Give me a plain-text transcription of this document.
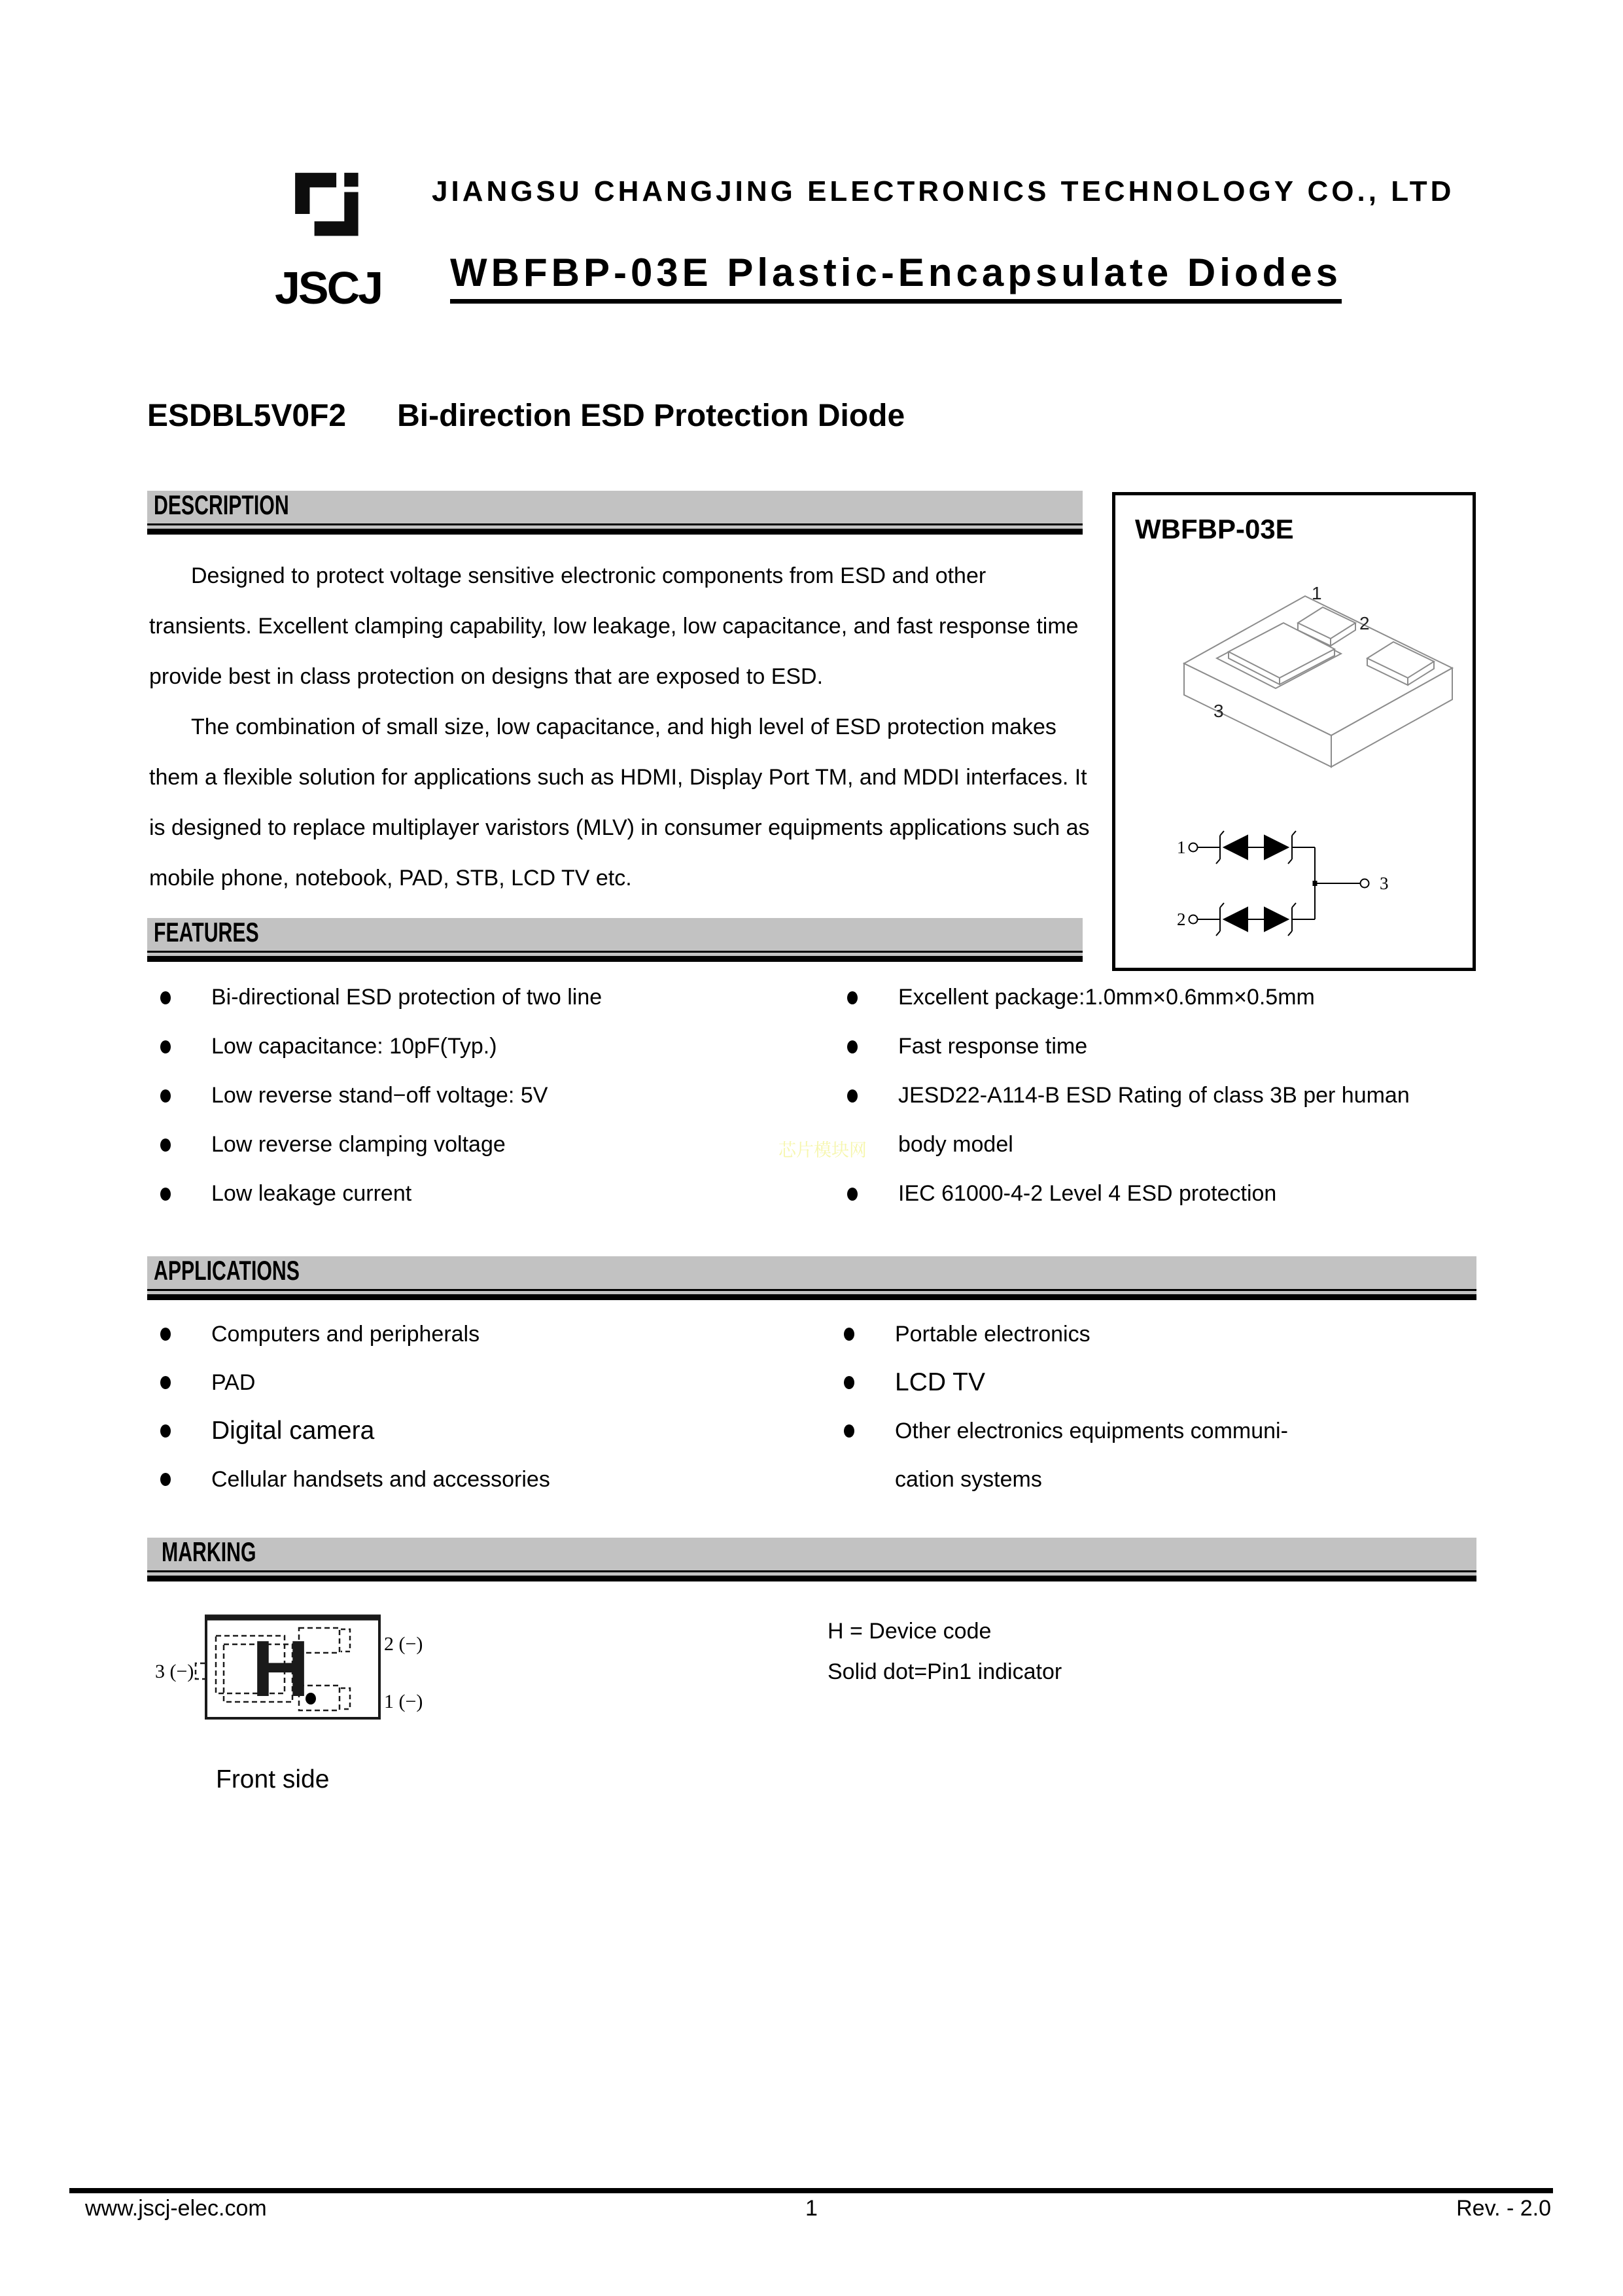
JSCJ
JIANGSU CHANGJING ELECTRONICS TECHNOLOGY CO., LTD
WBFBP-03E Plastic-Encapsulate Diodes
ESDBL5V0F2 Bi-direction ESD Protection Diode
DESCRIPTION

Designed to protect voltage sensitive electronic components from ESD and other transients. Excellent clamping capability, low leakage, low capacitance, and fast response time provide best in class protection on designs that are exposed to ESD.

The combination of small size, low capacitance, and high level of ESD protection makes them a flexible solution for applications such as HDMI, Display Port TM, and MDDI interfaces. It is designed to replace multiplayer varistors (MLV) in consumer equipments applications such as mobile phone, notebook, PAD, STB, LCD TV etc.

WBFBP-03E
1
2
3
1
2
3
FEATURES
Bi-directional ESD protection of two line
Low capacitance: 10pF(Typ.)
Low reverse stand−off voltage: 5V
Low reverse clamping voltage
Low leakage current
Excellent package:1.0mm×0.6mm×0.5mm
Fast response time
JESD22-A114-B ESD Rating of class 3B per human
body model
IEC 61000-4-2 Level 4 ESD protection
芯片模块网
APPLICATIONS
Computers and peripherals
PAD
Digital camera
Cellular handsets and accessories
Portable electronics
LCD TV
Other electronics equipments communi-
cation systems
MARKING
H
3 (−)
2 (−)
1 (−)
Front side
H = Device code
Solid dot=Pin1 indicator
www.jscj-elec.com	1	Rev. - 2.0
